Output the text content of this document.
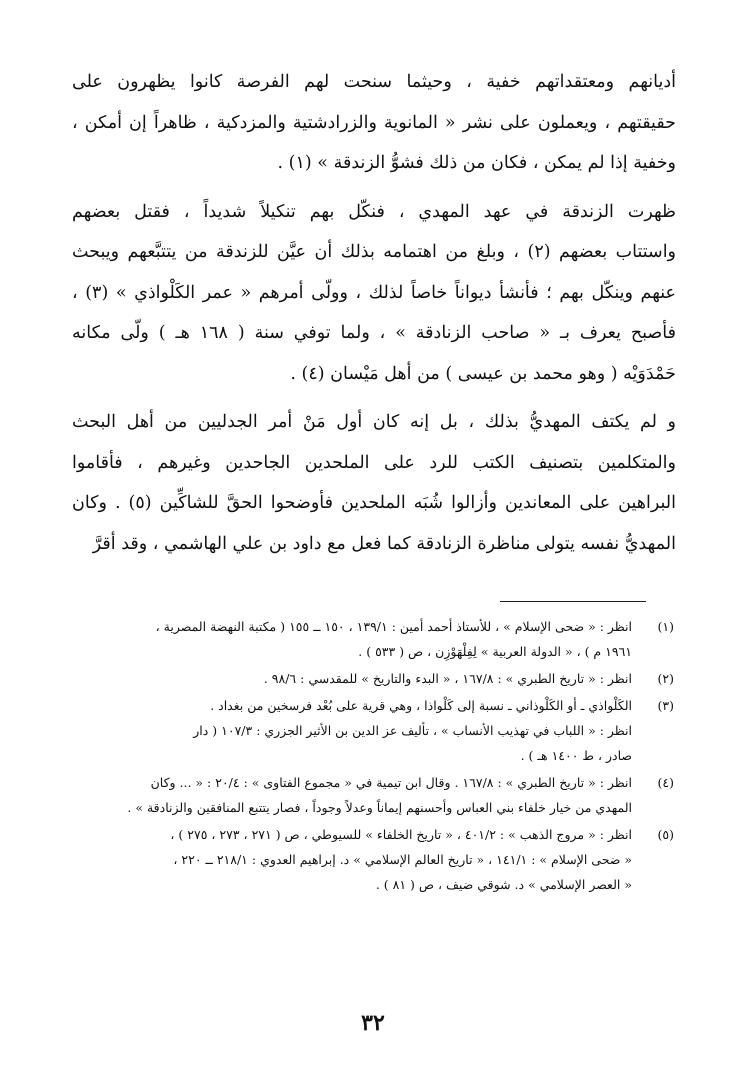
أديانهم ومعتقداتهم خفية ، وحيثما سنحت لهم الفرصة كانوا يظهرون على
حقيقتهم ، ويعملون على نشر « المانوية والزرادشتية والمزدكية ، ظاهراً إن أمكن ،
وخفية إذا لم يمكن ، فكان من ذلك فشوُّ الزندقة » (١) .

ظهرت الزندقة في عهد المهدي ، فنكّل بهم تنكيلاً شديداً ، فقتل بعضهم
واستتاب بعضهم (٢) ، وبلغ من اهتمامه بذلك أن عيَّن للزندقة من يتتبَّعهم ويبحث
عنهم وينكّل بهم ؛ فأنشأ ديواناً خاصاً لذلك ، وولّى أمرهم « عمر الكَلْواذي » (٣) ،
فأصبح يعرف بـ « صاحب الزنادقة » ، ولما توفي سنة ( ١٦٨ هـ ) ولّى مكانه
حَمْدَوَيْه ( وهو محمد بن عيسى ) من أهل مَيْسان (٤) .

و لم يكتف المهديُّ بذلك ، بل إنه كان أول مَنْ أمر الجدليين من أهل البحث
والمتكلمين بتصنيف الكتب للرد على الملحدين الجاحدين وغيرهم ، فأقاموا
البراهين على المعاندين وأزالوا شُبَه الملحدين فأوضحوا الحقَّ للشاكِّين (٥) . وكان
المهديُّ نفسه يتولى مناظرة الزنادقة كما فعل مع داود بن علي الهاشمي ، وقد أقرَّ

(١)
انظر : « ضحى الإسلام » ، للأستاذ أحمد أمين : ١٣٩/١ ، ١٥٠ ــ ١٥٥ ( مكتبة النهضة المصرية ،
١٩٦١ م ) ، « الدولة العربية » لِفِلْهَوْزِن ، ص ( ٥٣٣ ) .
(٢)
انظر : « تاريخ الطبري » : ١٦٧/٨ ، « البدء والتاريخ » للمقدسي : ٩٨/٦ .
(٣)
الكَلْواذي ـ أو الكَلْوذاني ـ نسبة إلى كَلْواذا ، وهي قرية على بُعْد فرسخين من بغداد .
انظر : « اللباب في تهذيب الأنساب » ، تأليف عز الدين بن الأثير الجزري : ١٠٧/٣ ( دار
صادر ، ط ١٤٠٠ هـ ) .
(٤)
انظر : « تاريخ الطبري » : ١٦٧/٨ . وقال ابن تيمية في « مجموع الفتاوى » : ٢٠/٤ : « ... وكان
المهدي من خيار خلفاء بني العباس وأحسنهم إيماناً وعدلاً وجوداً ، فصار يتتبع المنافقين والزنادقة » .
(٥)
انظر : « مروج الذهب » : ٤٠١/٢ ، « تاريخ الخلفاء » للسيوطي ، ص ( ٢٧١ ، ٢٧٣ ، ٢٧٥ ) ،
« ضحى الإسلام » : ١٤١/١ ، « تاريخ العالم الإسلامي » د. إبراهيم العدوي : ٢١٨/١ ــ ٢٢٠ ،
« العصر الإسلامي » د. شوقي ضيف ، ص ( ٨١ ) .
٣٢
